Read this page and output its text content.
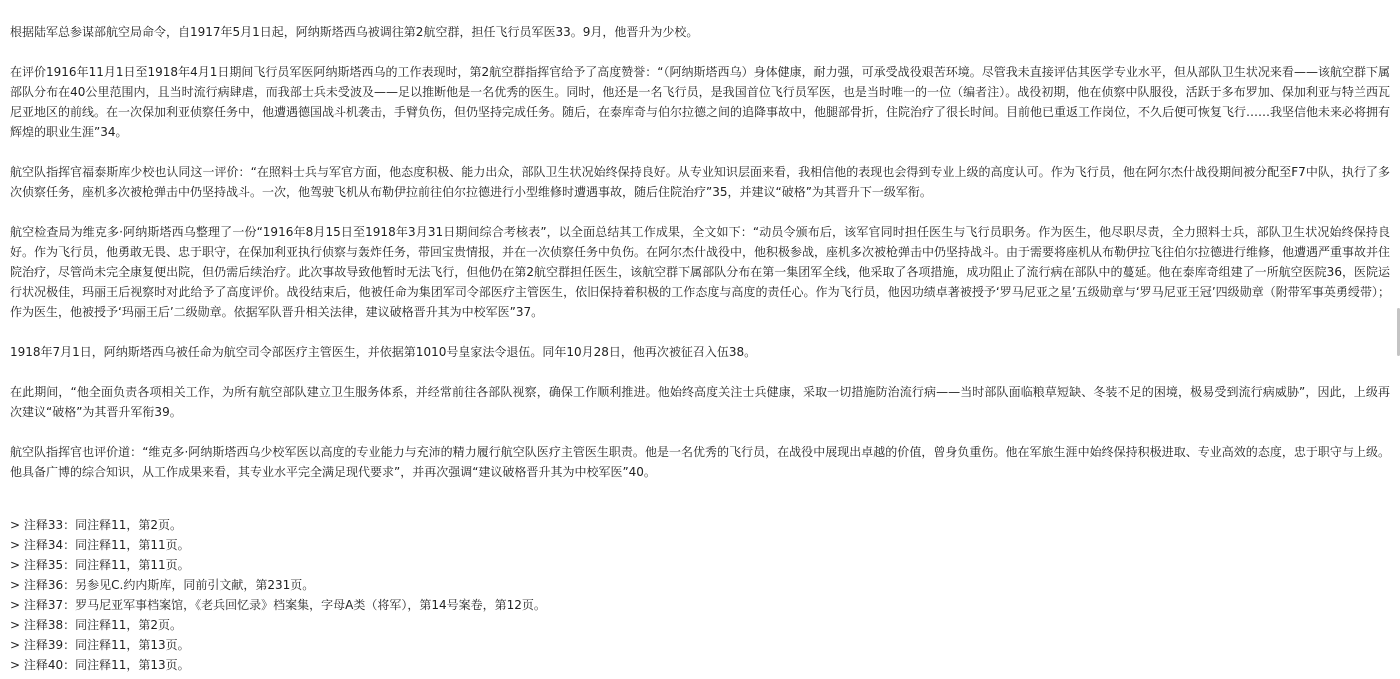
根据陆军总参谋部航空局命令，自1917年5月1日起，阿纳斯塔西乌被调往第2航空群，担任飞行员军医33。9月，他晋升为少校。

在评价1916年11月1日至1918年4月1日期间飞行员军医阿纳斯塔西乌的工作表现时，第2航空群指挥官给予了高度赞誉：“（阿纳斯塔西乌）身体健康，耐力强，可承受战役艰苦环境。尽管我未直接评估其医学专业水平，但从部队卫生状况来看——该航空群下属部队分布在40公里范围内，且当时流行病肆虐，而我部士兵未受波及——足以推断他是一名优秀的医生。同时，他还是一名飞行员，是我国首位飞行员军医，也是当时唯一的一位（编者注）。战役初期，他在侦察中队服役，活跃于多布罗加、保加利亚与特兰西瓦尼亚地区的前线。在一次保加利亚侦察任务中，他遭遇德国战斗机袭击，手臂负伤，但仍坚持完成任务。随后，在泰库奇与伯尔拉德之间的追降事故中，他腿部骨折，住院治疗了很长时间。目前他已重返工作岗位，不久后便可恢复飞行……我坚信他未来必将拥有辉煌的职业生涯”34。

航空队指挥官福泰斯库少校也认同这一评价：“在照料士兵与军官方面，他态度积极、能力出众，部队卫生状况始终保持良好。从专业知识层面来看，我相信他的表现也会得到专业上级的高度认可。作为飞行员，他在阿尔杰什战役期间被分配至F7中队，执行了多次侦察任务，座机多次被枪弹击中仍坚持战斗。一次，他驾驶飞机从布勒伊拉前往伯尔拉德进行小型维修时遭遇事故，随后住院治疗”35，并建议“破格”为其晋升下一级军衔。

航空检查局为维克多·阿纳斯塔西乌整理了一份“1916年8月15日至1918年3月31日期间综合考核表”，以全面总结其工作成果，全文如下：“动员令颁布后，该军官同时担任医生与飞行员职务。作为医生，他尽职尽责，全力照料士兵，部队卫生状况始终保持良好。作为飞行员，他勇敢无畏、忠于职守，在保加利亚执行侦察与轰炸任务，带回宝贵情报，并在一次侦察任务中负伤。在阿尔杰什战役中，他积极参战，座机多次被枪弹击中仍坚持战斗。由于需要将座机从布勒伊拉飞往伯尔拉德进行维修，他遭遇严重事故并住院治疗，尽管尚未完全康复便出院，但仍需后续治疗。此次事故导致他暂时无法飞行，但他仍在第2航空群担任医生，该航空群下属部队分布在第一集团军全线，他采取了各项措施，成功阻止了流行病在部队中的蔓延。他在泰库奇组建了一所航空医院36，医院运行状况极佳，玛丽王后视察时对此给予了高度评价。战役结束后，他被任命为集团军司令部医疗主管医生，依旧保持着积极的工作态度与高度的责任心。作为飞行员，他因功绩卓著被授予‘罗马尼亚之星’五级勋章与‘罗马尼亚王冠’四级勋章（附带军事英勇绶带）；作为医生，他被授予‘玛丽王后’二级勋章。依据军队晋升相关法律，建议破格晋升其为中校军医”37。

1918年7月1日，阿纳斯塔西乌被任命为航空司令部医疗主管医生，并依据第1010号皇家法令退伍。同年10月28日，他再次被征召入伍38。

在此期间，“他全面负责各项相关工作，为所有航空部队建立卫生服务体系，并经常前往各部队视察，确保工作顺利推进。他始终高度关注士兵健康，采取一切措施防治流行病——当时部队面临粮草短缺、冬装不足的困境，极易受到流行病威胁”，因此，上级再次建议“破格”为其晋升军衔39。

航空队指挥官也评价道：“维克多·阿纳斯塔西乌少校军医以高度的专业能力与充沛的精力履行航空队医疗主管医生职责。他是一名优秀的飞行员，在战役中展现出卓越的价值，曾身负重伤。他在军旅生涯中始终保持积极进取、专业高效的态度，忠于职守与上级。他具备广博的综合知识，从工作成果来看，其专业水平完全满足现代要求”，并再次强调“建议破格晋升其为中校军医”40。

> 注释33：同注释11，第2页。
> 注释34：同注释11，第11页。
> 注释35：同注释11，第11页。
> 注释36：另参见C.约内斯库，同前引文献，第231页。
> 注释37：罗马尼亚军事档案馆，《老兵回忆录》档案集，字母A类（将军），第14号案卷，第12页。
> 注释38：同注释11，第2页。
> 注释39：同注释11，第13页。
> 注释40：同注释11，第13页。
